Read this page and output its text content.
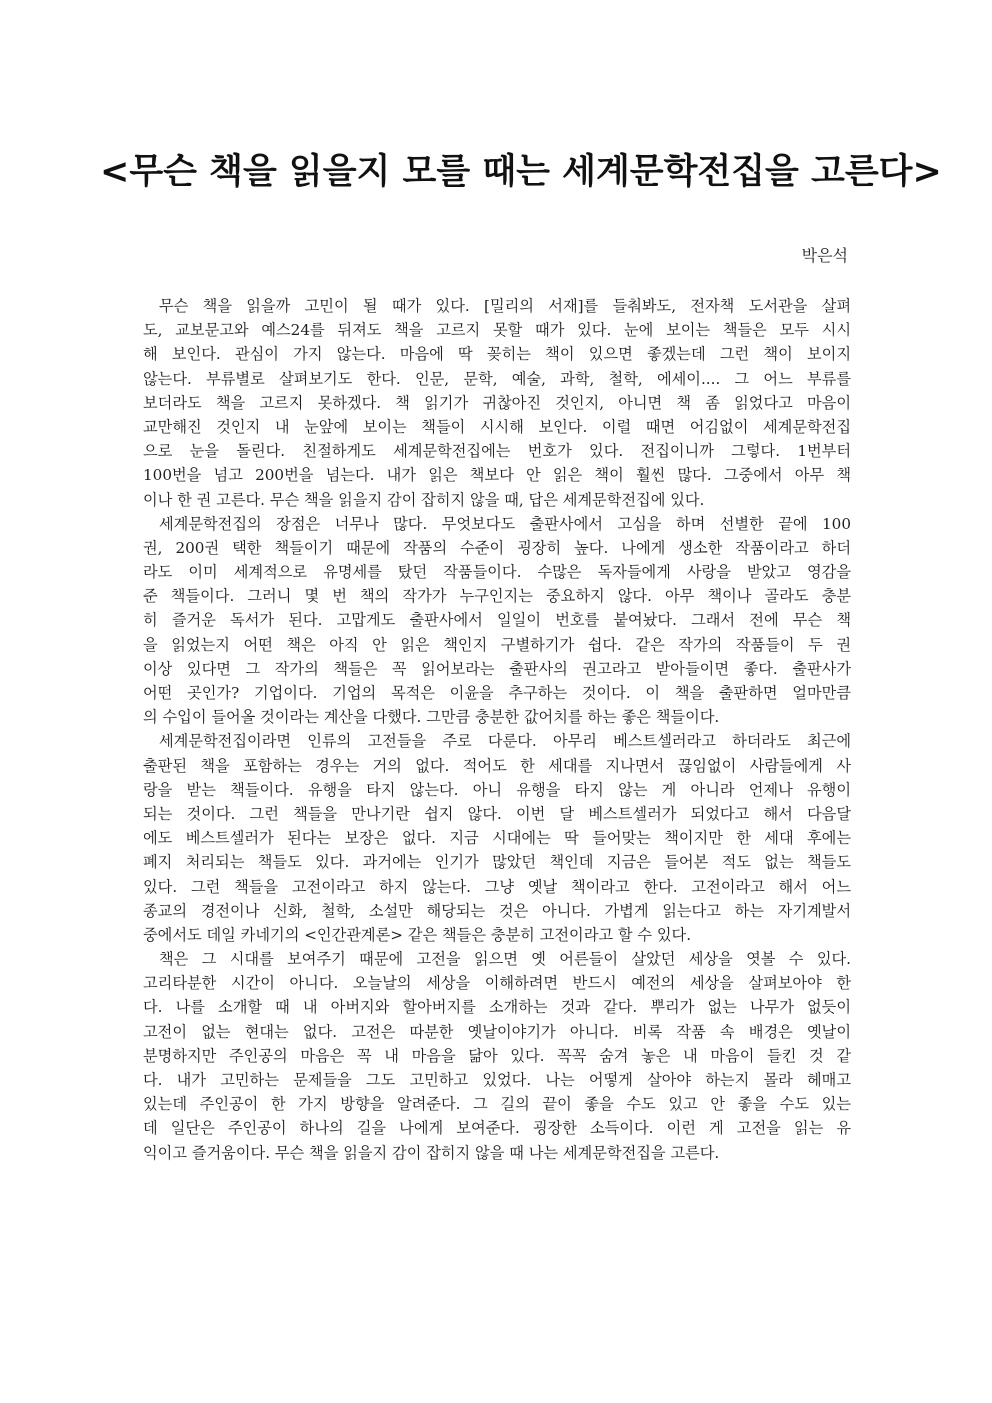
<무슨 책을 읽을지 모를 때는 세계문학전집을 고른다>
박은석
무슨 책을 읽을까 고민이 될 때가 있다. [밀리의 서재]를 들춰봐도, 전자책 도서관을 살펴
도, 교보문고와 예스24를 뒤져도 책을 고르지 못할 때가 있다. 눈에 보이는 책들은 모두 시시
해 보인다. 관심이 가지 않는다. 마음에 딱 꽂히는 책이 있으면 좋겠는데 그런 책이 보이지
않는다. 부류별로 살펴보기도 한다. 인문, 문학, 예술, 과학, 철학, 에세이.... 그 어느 부류를
보더라도 책을 고르지 못하겠다. 책 읽기가 귀찮아진 것인지, 아니면 책 좀 읽었다고 마음이
교만해진 것인지 내 눈앞에 보이는 책들이 시시해 보인다. 이럴 때면 어김없이 세계문학전집
으로 눈을 돌린다. 친절하게도 세계문학전집에는 번호가 있다. 전집이니까 그렇다. 1번부터
100번을 넘고 200번을 넘는다. 내가 읽은 책보다 안 읽은 책이 훨씬 많다. 그중에서 아무 책
이나 한 권 고른다. 무슨 책을 읽을지 감이 잡히지 않을 때, 답은 세계문학전집에 있다.
세계문학전집의 장점은 너무나 많다. 무엇보다도 출판사에서 고심을 하며 선별한 끝에 100
권, 200권 택한 책들이기 때문에 작품의 수준이 굉장히 높다. 나에게 생소한 작품이라고 하더
라도 이미 세계적으로 유명세를 탔던 작품들이다. 수많은 독자들에게 사랑을 받았고 영감을
준 책들이다. 그러니 몇 번 책의 작가가 누구인지는 중요하지 않다. 아무 책이나 골라도 충분
히 즐거운 독서가 된다. 고맙게도 출판사에서 일일이 번호를 붙여놨다. 그래서 전에 무슨 책
을 읽었는지 어떤 책은 아직 안 읽은 책인지 구별하기가 쉽다. 같은 작가의 작품들이 두 권
이상 있다면 그 작가의 책들은 꼭 읽어보라는 출판사의 권고라고 받아들이면 좋다. 출판사가
어떤 곳인가? 기업이다. 기업의 목적은 이윤을 추구하는 것이다. 이 책을 출판하면 얼마만큼
의 수입이 들어올 것이라는 계산을 다했다. 그만큼 충분한 값어치를 하는 좋은 책들이다.
세계문학전집이라면 인류의 고전들을 주로 다룬다. 아무리 베스트셀러라고 하더라도 최근에
출판된 책을 포함하는 경우는 거의 없다. 적어도 한 세대를 지나면서 끊임없이 사람들에게 사
랑을 받는 책들이다. 유행을 타지 않는다. 아니 유행을 타지 않는 게 아니라 언제나 유행이
되는 것이다. 그런 책들을 만나기란 쉽지 않다. 이번 달 베스트셀러가 되었다고 해서 다음달
에도 베스트셀러가 된다는 보장은 없다. 지금 시대에는 딱 들어맞는 책이지만 한 세대 후에는
폐지 처리되는 책들도 있다. 과거에는 인기가 많았던 책인데 지금은 들어본 적도 없는 책들도
있다. 그런 책들을 고전이라고 하지 않는다. 그냥 옛날 책이라고 한다. 고전이라고 해서 어느
종교의 경전이나 신화, 철학, 소설만 해당되는 것은 아니다. 가볍게 읽는다고 하는 자기계발서
중에서도 데일 카네기의 <인간관계론> 같은 책들은 충분히 고전이라고 할 수 있다.
책은 그 시대를 보여주기 때문에 고전을 읽으면 옛 어른들이 살았던 세상을 엿볼 수 있다.
고리타분한 시간이 아니다. 오늘날의 세상을 이해하려면 반드시 예전의 세상을 살펴보아야 한
다. 나를 소개할 때 내 아버지와 할아버지를 소개하는 것과 같다. 뿌리가 없는 나무가 없듯이
고전이 없는 현대는 없다. 고전은 따분한 옛날이야기가 아니다. 비록 작품 속 배경은 옛날이
분명하지만 주인공의 마음은 꼭 내 마음을 닮아 있다. 꼭꼭 숨겨 놓은 내 마음이 들킨 것 같
다. 내가 고민하는 문제들을 그도 고민하고 있었다. 나는 어떻게 살아야 하는지 몰라 헤매고
있는데 주인공이 한 가지 방향을 알려준다. 그 길의 끝이 좋을 수도 있고 안 좋을 수도 있는
데 일단은 주인공이 하나의 길을 나에게 보여준다. 굉장한 소득이다. 이런 게 고전을 읽는 유
익이고 즐거움이다. 무슨 책을 읽을지 감이 잡히지 않을 때 나는 세계문학전집을 고른다.
